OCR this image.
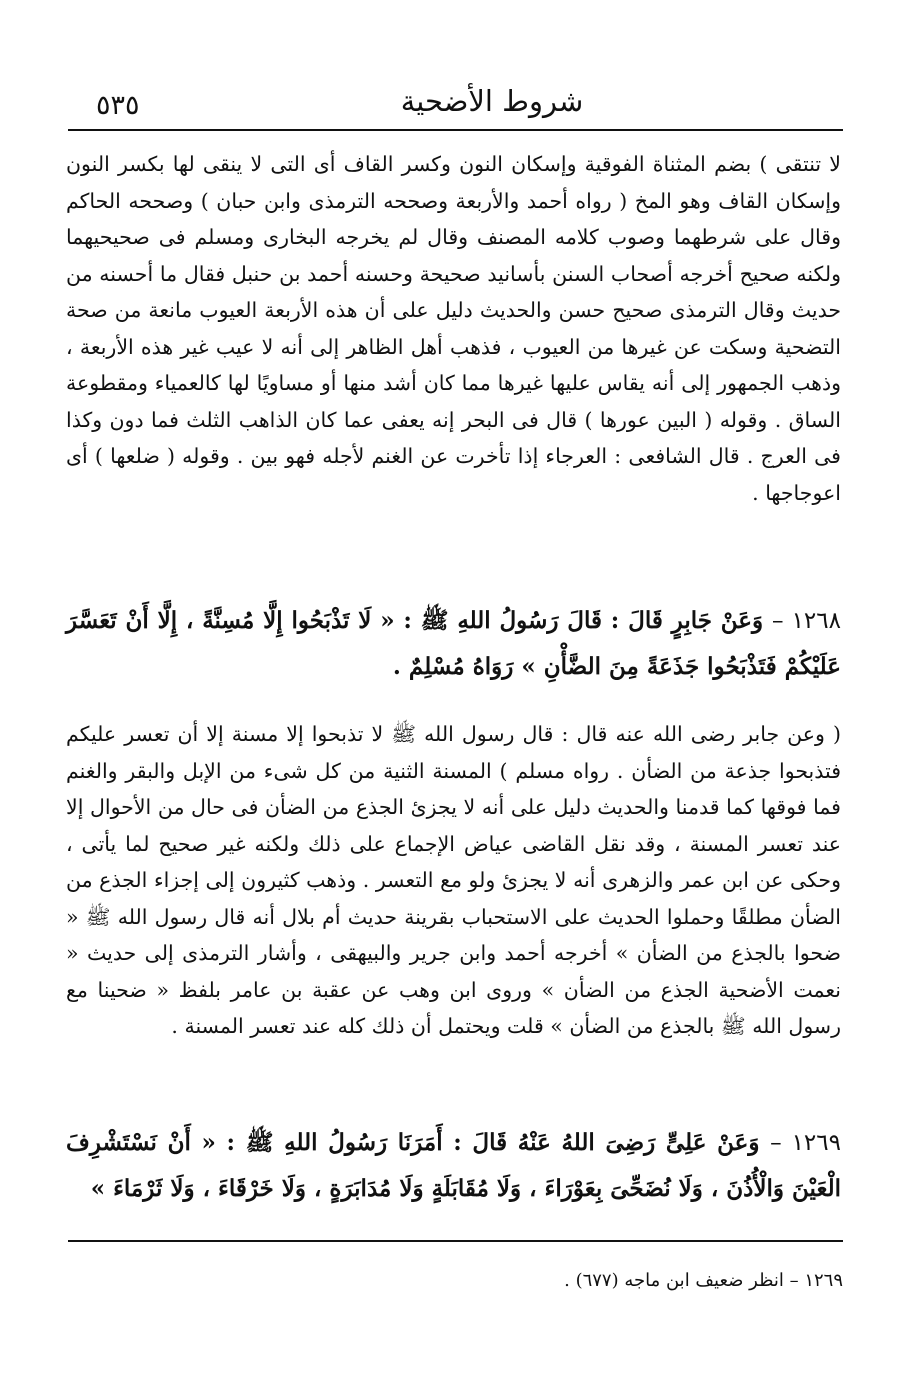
٥٣٥	شروط الأضحية
لا تنتقى ) بضم المثناة الفوقية وإسكان النون وكسر القاف أى التى لا ينقى لها بكسر النون وإسكان القاف وهو المخ ( رواه أحمد والأربعة وصححه الترمذى وابن حبان ) وصححه الحاكم وقال على شرطهما وصوب كلامه المصنف وقال لم يخرجه البخارى ومسلم فى صحيحيهما ولكنه صحيح أخرجه أصحاب السنن بأسانيد صحيحة وحسنه أحمد بن حنبل فقال ما أحسنه من حديث وقال الترمذى صحيح حسن والحديث دليل على أن هذه الأربعة العيوب مانعة من صحة التضحية وسكت عن غيرها من العيوب ، فذهب أهل الظاهر إلى أنه لا عيب غير هذه الأربعة ، وذهب الجمهور إلى أنه يقاس عليها غيرها مما كان أشد منها أو مساويًا لها كالعمياء ومقطوعة الساق . وقوله ( البين عورها ) قال فى البحر إنه يعفى عما كان الذاهب الثلث فما دون وكذا فى العرج . قال الشافعى : العرجاء إذا تأخرت عن الغنم لأجله فهو بين . وقوله ( ضلعها ) أى اعوجاجها .
١٢٦٨ – وَعَنْ جَابِرٍ قَالَ : قَالَ رَسُولُ اللهِ ﷺ : « لَا تَذْبَحُوا إِلَّا مُسِنَّةً ، إِلَّا أَنْ تَعَسَّرَ عَلَيْكُمْ فَتَذْبَحُوا جَذَعَةً مِنَ الضَّأْنِ » رَوَاهُ مُسْلِمٌ .
( وعن جابر رضى الله عنه قال : قال رسول الله ﷺ لا تذبحوا إلا مسنة إلا أن تعسر عليكم فتذبحوا جذعة من الضأن . رواه مسلم ) المسنة الثنية من كل شىء من الإبل والبقر والغنم فما فوقها كما قدمنا والحديث دليل على أنه لا يجزئ الجذع من الضأن فى حال من الأحوال إلا عند تعسر المسنة ، وقد نقل القاضى عياض الإجماع على ذلك ولكنه غير صحيح لما يأتى ، وحكى عن ابن عمر والزهرى أنه لا يجزئ ولو مع التعسر . وذهب كثيرون إلى إجزاء الجذع من الضأن مطلقًا وحملوا الحديث على الاستحباب بقرينة حديث أم بلال أنه قال رسول الله ﷺ « ضحوا بالجذع من الضأن » أخرجه أحمد وابن جرير والبيهقى ، وأشار الترمذى إلى حديث « نعمت الأضحية الجذع من الضأن » وروى ابن وهب عن عقبة بن عامر بلفظ « ضحينا مع رسول الله ﷺ بالجذع من الضأن » قلت ويحتمل أن ذلك كله عند تعسر المسنة .
١٢٦٩ – وَعَنْ عَلِىٍّ رَضِىَ اللهُ عَنْهُ قَالَ : أَمَرَنَا رَسُولُ اللهِ ﷺ : « أَنْ نَسْتَشْرِفَ الْعَيْنَ وَالْأُذُنَ ، وَلَا نُضَحِّىَ بِعَوْرَاءَ ، وَلَا مُقَابَلَةٍ وَلَا مُدَابَرَةٍ ، وَلَا خَرْقَاءَ ، وَلَا ثَرْمَاءَ »
١٢٦٩ – انظر ضعيف ابن ماجه (٦٧٧) .
